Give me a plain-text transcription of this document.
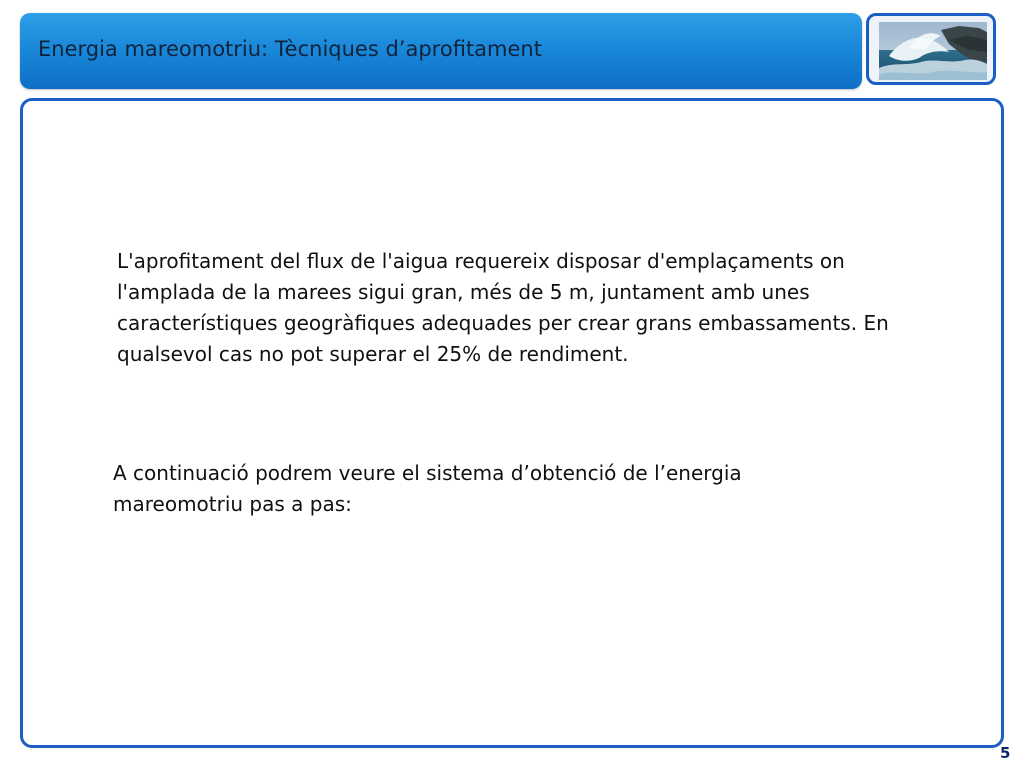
Energia mareomotriu: Tècniques d’aprofitament

L'aprofitament del flux de l'aigua requereix disposar d'emplaçaments on l'amplada de la marees sigui gran, més de 5 m, juntament amb unes característiques geogràfiques adequades per crear grans embassaments. En qualsevol cas no pot superar el 25% de rendiment.

A continuació podrem veure el sistema d’obtenció de l’energia mareomotriu pas a pas:

5
